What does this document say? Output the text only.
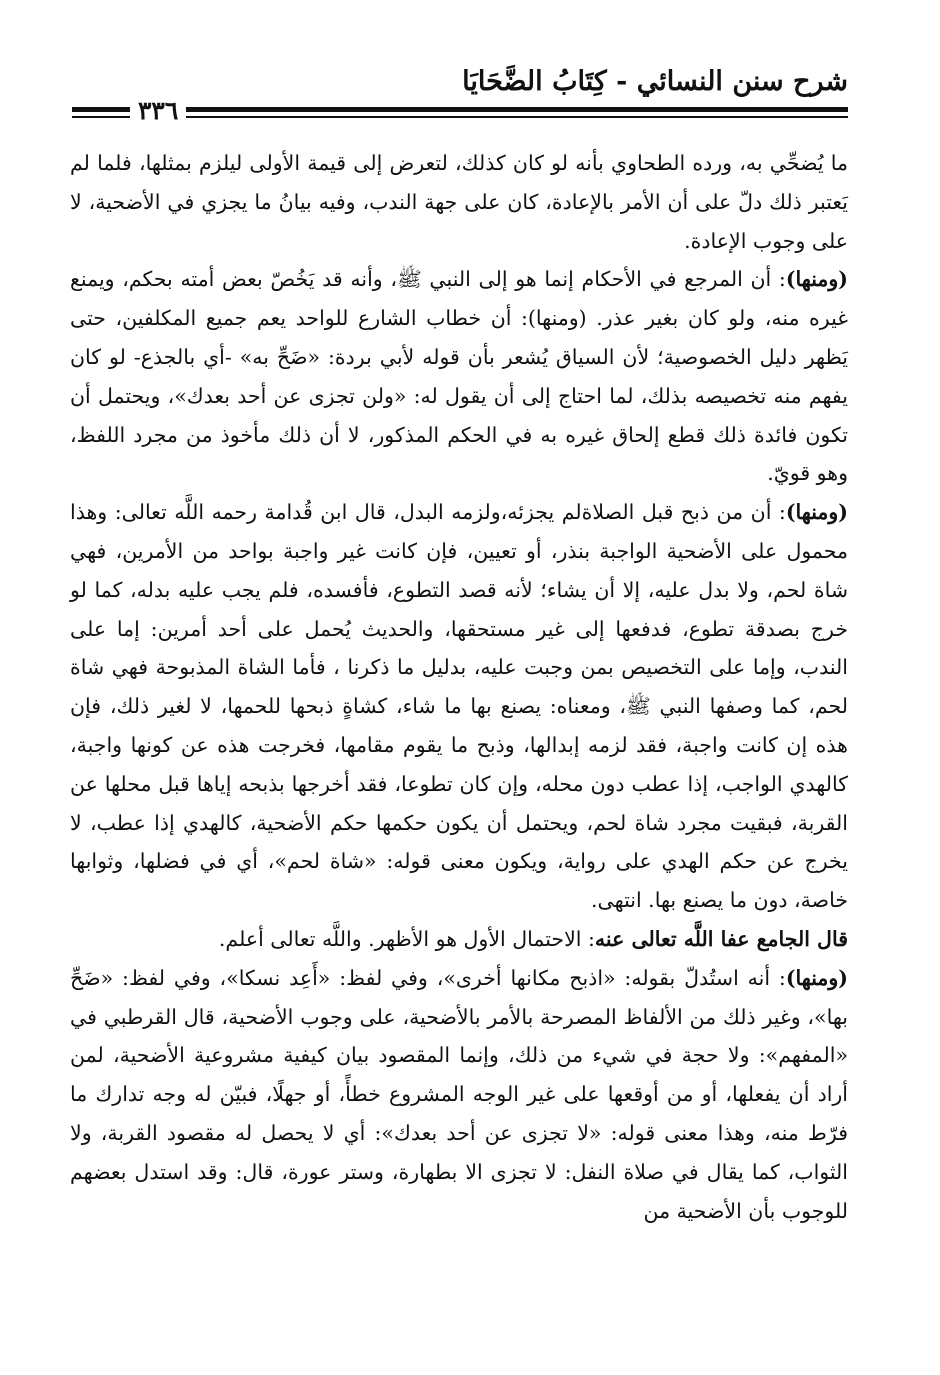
شرح سنن النسائي - كِتَابُ الضَّحَايَا
٣٣٦

ما يُضحِّي به، ورده الطحاوي بأنه لو كان كذلك، لتعرض إلى قيمة الأولى ليلزم بمثلها، فلما لم يَعتبر ذلك دلّ على أن الأمر بالإعادة، كان على جهة الندب، وفيه بيانُ ما يجزي في الأضحية، لا على وجوب الإعادة.

(ومنها): أن المرجع في الأحكام إنما هو إلى النبي ﷺ، وأنه قد يَخُصّ بعض أمته بحكم، ويمنع غيره منه، ولو كان بغير عذر. (ومنها): أن خطاب الشارع للواحد يعم جميع المكلفين، حتى يَظهر دليل الخصوصية؛ لأن السياق يُشعر بأن قوله لأبي بردة: «ضَحِّ به» -أي بالجذع- لو كان يفهم منه تخصيصه بذلك، لما احتاج إلى أن يقول له: «ولن تجزى عن أحد بعدك»، ويحتمل أن تكون فائدة ذلك قطع إلحاق غيره به في الحكم المذكور، لا أن ذلك مأخوذ من مجرد اللفظ، وهو قويّ.

(ومنها): أن من ذبح قبل الصلاةلم يجزئه،ولزمه البدل، قال ابن قُدامة رحمه اللَّه تعالى: وهذا محمول على الأضحية الواجبة بنذر، أو تعيين، فإن كانت غير واجبة بواحد من الأمرين، فهي شاة لحم، ولا بدل عليه، إلا أن يشاء؛ لأنه قصد التطوع، فأفسده، فلم يجب عليه بدله، كما لو خرج بصدقة تطوع، فدفعها إلى غير مستحقها، والحديث يُحمل على أحد أمرين: إما على الندب، وإما على التخصيص بمن وجبت عليه، بدليل ما ذكرنا ، فأما الشاة المذبوحة فهي شاة لحم، كما وصفها النبي ﷺ، ومعناه: يصنع بها ما شاء، كشاةٍ ذبحها للحمها، لا لغير ذلك، فإن هذه إن كانت واجبة، فقد لزمه إبدالها، وذبح ما يقوم مقامها، فخرجت هذه عن كونها واجبة، كالهدي الواجب، إذا عطب دون محله، وإن كان تطوعا، فقد أخرجها بذبحه إياها قبل محلها عن القربة، فبقيت مجرد شاة لحم، ويحتمل أن يكون حكمها حكم الأضحية، كالهدي إذا عطب، لا يخرج عن حكم الهدي على رواية، ويكون معنى قوله: «شاة لحم»، أي في فضلها، وثوابها خاصة، دون ما يصنع بها. انتهى.

قال الجامع عفا اللَّه تعالى عنه: الاحتمال الأول هو الأظهر. واللَّه تعالى أعلم.

(ومنها): أنه استُدلّ بقوله: «اذبح مكانها أخرى»، وفي لفظ: «أَعِد نسكا»، وفي لفظ: «ضَحِّ بها»، وغير ذلك من الألفاظ المصرحة بالأمر بالأضحية، على وجوب الأضحية، قال القرطبي في «المفهم»: ولا حجة في شيء من ذلك، وإنما المقصود بيان كيفية مشروعية الأضحية، لمن أراد أن يفعلها، أو من أوقعها على غير الوجه المشروع خطأً، أو جهلًا، فبيّن له وجه تدارك ما فرّط منه، وهذا معنى قوله: «لا تجزى عن أحد بعدك»: أي لا يحصل له مقصود القربة، ولا الثواب، كما يقال في صلاة النفل: لا تجزى الا بطهارة، وستر عورة، قال: وقد استدل بعضهم للوجوب بأن الأضحية من
